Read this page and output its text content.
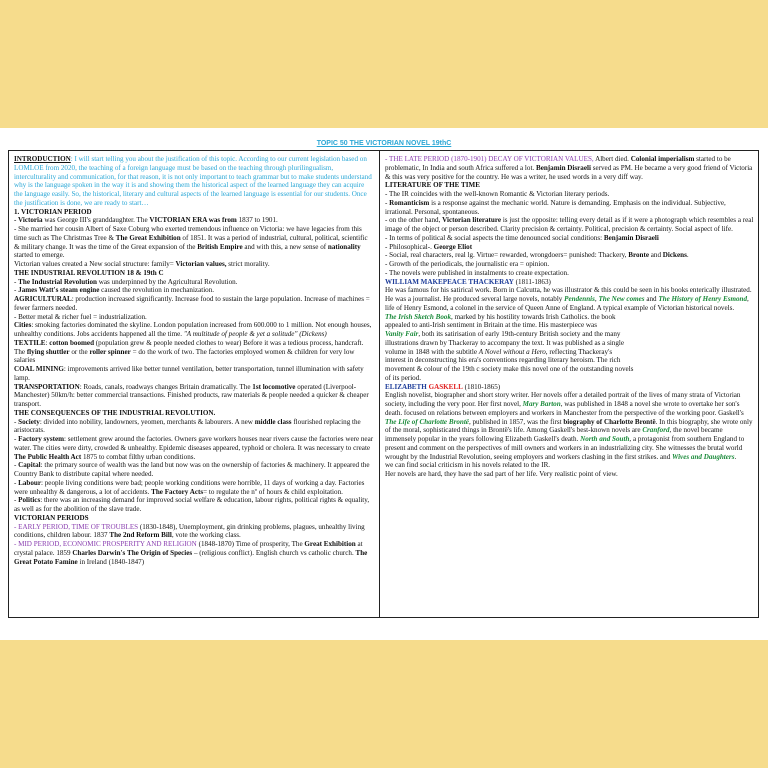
TOPIC 50 THE VICTORIAN NOVEL 19thC

INTRODUCTION: I will start telling you about the justification of this topic. According to our current legislation based on LOMLOE from 2020, the teaching of a foreign language must be based on the teaching through plurilingualism, interculturality and communication, for that reason, it is not only important to teach grammar but to make students understand why is the language spoken in the way it is and showing them the historical aspect of the learned language they can acquire the language easily. So, the historical, literary and cultural aspects of the learned language is essential for our students. Once the justification is done, we are ready to start…

1. VICTORIAN PERIOD

- Victoria was George III's granddaughter. The VICTORIAN ERA was from 1837 to 1901.

- She married her cousin Albert of Saxe Coburg who exerted tremendous influence on Victoria: we have legacies from this time such as The Christmas Tree & The Great Exhibition of 1851. It was a period of industrial, cultural, political, scientific & military change. It was the time of the Great expansion of the British Empire and with this, a new sense of nationality started to emerge.

Victorian values created a New social structure: family= Victorian values, strict morality.

THE INDUSTRIAL REVOLUTION 18 & 19th C

- The Industrial Revolution was underpinned by the Agricultural Revolution.

- James Watt's steam engine caused the revolution in mechanization.

AGRICULTURAL: production increased significantly. Increase food to sustain the large population. Increase of machines = fewer farmers needed.

- Better metal & richer fuel = industrialization.

Cities: smoking factories dominated the skyline. London population increased from 600.000 to 1 million. Not enough houses, unhealthy conditions. Jobs accidents happened all the time. "A multitude of people & yet a solitude" (Dickens)

TEXTILE: cotton boomed (population grew & people needed clothes to wear) Before it was a tedious process, handcraft. The flying shuttler or the roller spinner = do the work of two. The factories employed women & children for very low salaries

COAL MINING: improvements arrived like better tunnel ventilation, better transportation, tunnel illumination with safety lamp.

TRANSPORTATION: Roads, canals, roadways changes Britain dramatically. The 1st locomotive operated (Liverpool-Manchester) 50km/h: better commercial transactions. Finished products, raw materials & people needed a quicker & cheaper transport.

THE CONSEQUENCES OF THE INDUSTRIAL REVOLUTION.

- Society: divided into nobility, landowners, yeomen, merchants & labourers. A new middle class flourished replacing the aristocrats.

- Factory system: settlement grew around the factories. Owners gave workers houses near rivers cause the factories were near water. The cities were dirty, crowded & unhealthy. Epidemic diseases appeared, typhoid or cholera. It was necessary to create The Public Health Act 1875 to combat filthy urban conditions.

- Capital: the primary source of wealth was the land but now was on the ownership of factories & machinery. It appeared the Country Bank to distribute capital where needed.

- Labour: people living conditions were bad; people working conditions were horrible, 11 days of working a day. Factories were unhealthy & dangerous, a lot of accidents. The Factory Acts= to regulate the nº of hours & child exploitation.

- Politics: there was an increasing demand for improved social welfare & education, labour rights, political rights & equality, as well as for the abolition of the slave trade.

VICTORIAN PERIODS

- EARLY PERIOD, TIME OF TROUBLES (1830-1848), Unemployment, gin drinking problems, plagues, unhealthy living conditions, children labour. 1837 The 2nd Reform Bill, vote the working class.

- MID PERIOD, ECONOMIC PROSPERITY AND RELIGION (1848-1870) Time of prosperity, The Great Exhibition at crystal palace. 1859 Charles Darwin's The Origin of Species – (religious conflict). English church vs catholic church. The Great Potato Famine in Ireland (1840-1847)

- THE LATE PERIOD (1870-1901) DECAY OF VICTORIAN VALUES, Albert died. Colonial imperialism started to be problematic, In India and south Africa suffered a lot. Benjamin Disraeli served as PM. He became a very good friend of Victoria & this was very positive for the country. He was a writer, he used words in a very diff way.

LITERATURE OF THE TIME

- The IR coincides with the well-known Romantic & Victorian literary periods.

- Romanticism is a response against the mechanic world. Nature is demanding. Emphasis on the individual. Subjective, irrational. Personal, spontaneous.

- on the other hand, Victorian literature is just the opposite: telling every detail as if it were a photograph which resembles a real image of the object or person described. Clarity precision & certainty. Political, precision & certainty. Social aspect of life.

- In terms of political & social aspects the time denounced social conditions: Benjamin Disraeli

- Philosophical-. George Eliot

- Social, real characters, real lg. Virtue= rewarded, wrongdoers= punished: Thackery, Bronte and Dickens.

- Growth of the periodicals, the journalistic era = opinion.

- The novels were published in instalments to create expectation.

WILLIAM MAKEPEACE THACKERAY (1811-1863)

He was famous for his satirical work. Born in Calcutta, he was illustrator & this could be seen in his books enterically illustrated. He was a journalist. He produced several large novels, notably Pendennis, The New comes and The History of Henry Esmond, life of Henry Esmond, a colonel in the service of Queen Anne of England. A typical example of Victorian historical novels.

The Irish Sketch Book, marked by his hostility towards Irish Catholics. the book

appealed to anti-Irish sentiment in Britain at the time. His masterpiece was

Vanity Fair, both its satirisation of early 19th-century British society and the many

illustrations drawn by Thackeray to accompany the text. It was published as a single

volume in 1848 with the subtitle A Novel without a Hero, reflecting Thackeray's

interest in deconstructing his era's conventions regarding literary heroism. The rich

movement & colour of the 19th c society make this novel one of the outstanding novels

of its period.

ELIZABETH GASKELL (1810-1865)

English novelist, biographer and short story writer. Her novels offer a detailed portrait of the lives of many strata of Victorian society, including the very poor. Her first novel, Mary Barton, was published in 1848 a novel she wrote to overtake her son's death. focused on relations between employers and workers in Manchester from the perspective of the working poor. Gaskell's The Life of Charlotte Brontë, published in 1857, was the first biography of Charlotte Brontë. In this biography, she wrote only of the moral, sophisticated things in Brontë's life. Among Gaskell's best-known novels are Cranford, the novel became immensely popular in the years following Elizabeth Gaskell's death. North and South, a protagonist from southern England to present and comment on the perspectives of mill owners and workers in an industrializing city. She witnesses the brutal world wrought by the Industrial Revolution, seeing employers and workers clashing in the first strikes. and Wives and Daughters.

we can find social criticism in his novels related to the IR.

Her novels are hard, they have the sad part of her life. Very realistic point of view.
